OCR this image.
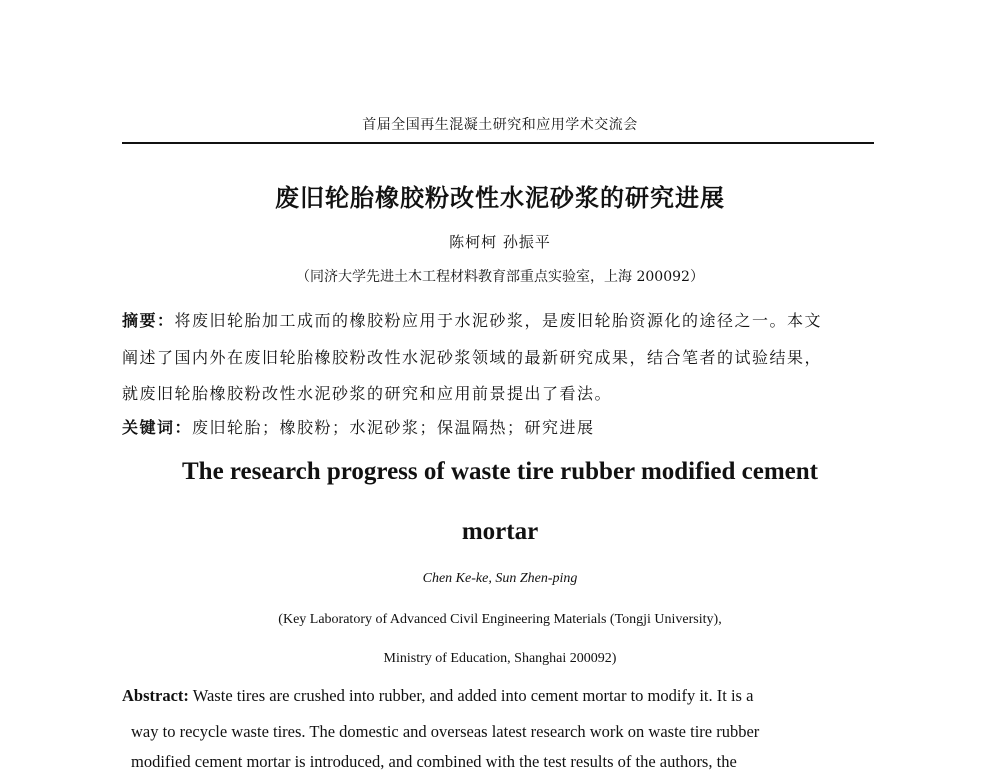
首届全国再生混凝土研究和应用学术交流会
废旧轮胎橡胶粉改性水泥砂浆的研究进展
陈柯柯 孙振平
（同济大学先进土木工程材料教育部重点实验室，上海 200092）
摘要：将废旧轮胎加工成而的橡胶粉应用于水泥砂浆，是废旧轮胎资源化的途径之一。本文
阐述了国内外在废旧轮胎橡胶粉改性水泥砂浆领域的最新研究成果，结合笔者的试验结果，
就废旧轮胎橡胶粉改性水泥砂浆的研究和应用前景提出了看法。
关键词：废旧轮胎；橡胶粉；水泥砂浆；保温隔热；研究进展
The research progress of waste tire rubber modified cement
mortar
Chen Ke-ke, Sun Zhen-ping
(Key Laboratory of Advanced Civil Engineering Materials (Tongji University),
Ministry of Education, Shanghai 200092)
Abstract: Waste tires are crushed into rubber, and added into cement mortar to modify it. It is a
way to recycle waste tires. The domestic and overseas latest research work on waste tire rubber
modified cement mortar is introduced, and combined with the test results of the authors, the
